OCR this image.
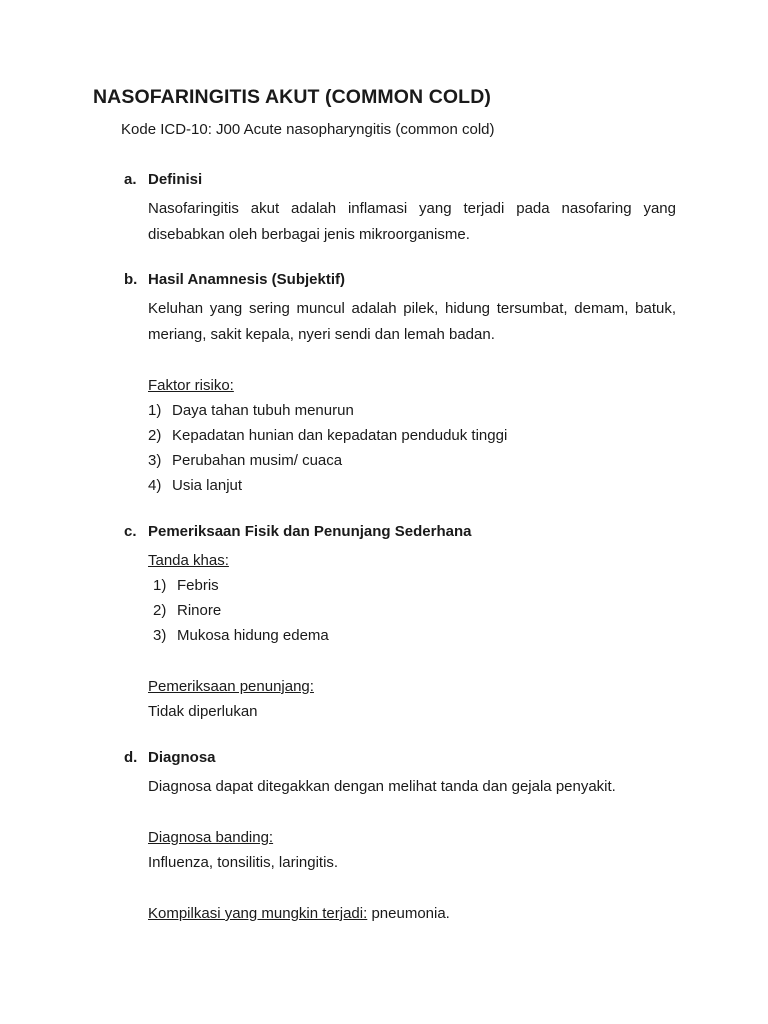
NASOFARINGITIS AKUT (COMMON COLD)
Kode ICD-10: J00 Acute nasopharyngitis (common cold)
a. Definisi
Nasofaringitis akut adalah inflamasi yang terjadi pada nasofaring yang disebabkan oleh berbagai jenis mikroorganisme.
b. Hasil Anamnesis (Subjektif)
Keluhan yang sering muncul adalah pilek, hidung tersumbat, demam, batuk, meriang, sakit kepala, nyeri sendi dan lemah badan.
Faktor risiko:
1) Daya tahan tubuh menurun
2) Kepadatan hunian dan kepadatan penduduk tinggi
3) Perubahan musim/ cuaca
4) Usia lanjut
c. Pemeriksaan Fisik dan Penunjang Sederhana
Tanda khas:
1) Febris
2) Rinore
3) Mukosa hidung edema
Pemeriksaan penunjang:
Tidak diperlukan
d. Diagnosa
Diagnosa dapat ditegakkan dengan melihat tanda dan gejala penyakit.
Diagnosa banding:
Influenza, tonsilitis, laringitis.
Kompilkasi yang mungkin terjadi: pneumonia.
